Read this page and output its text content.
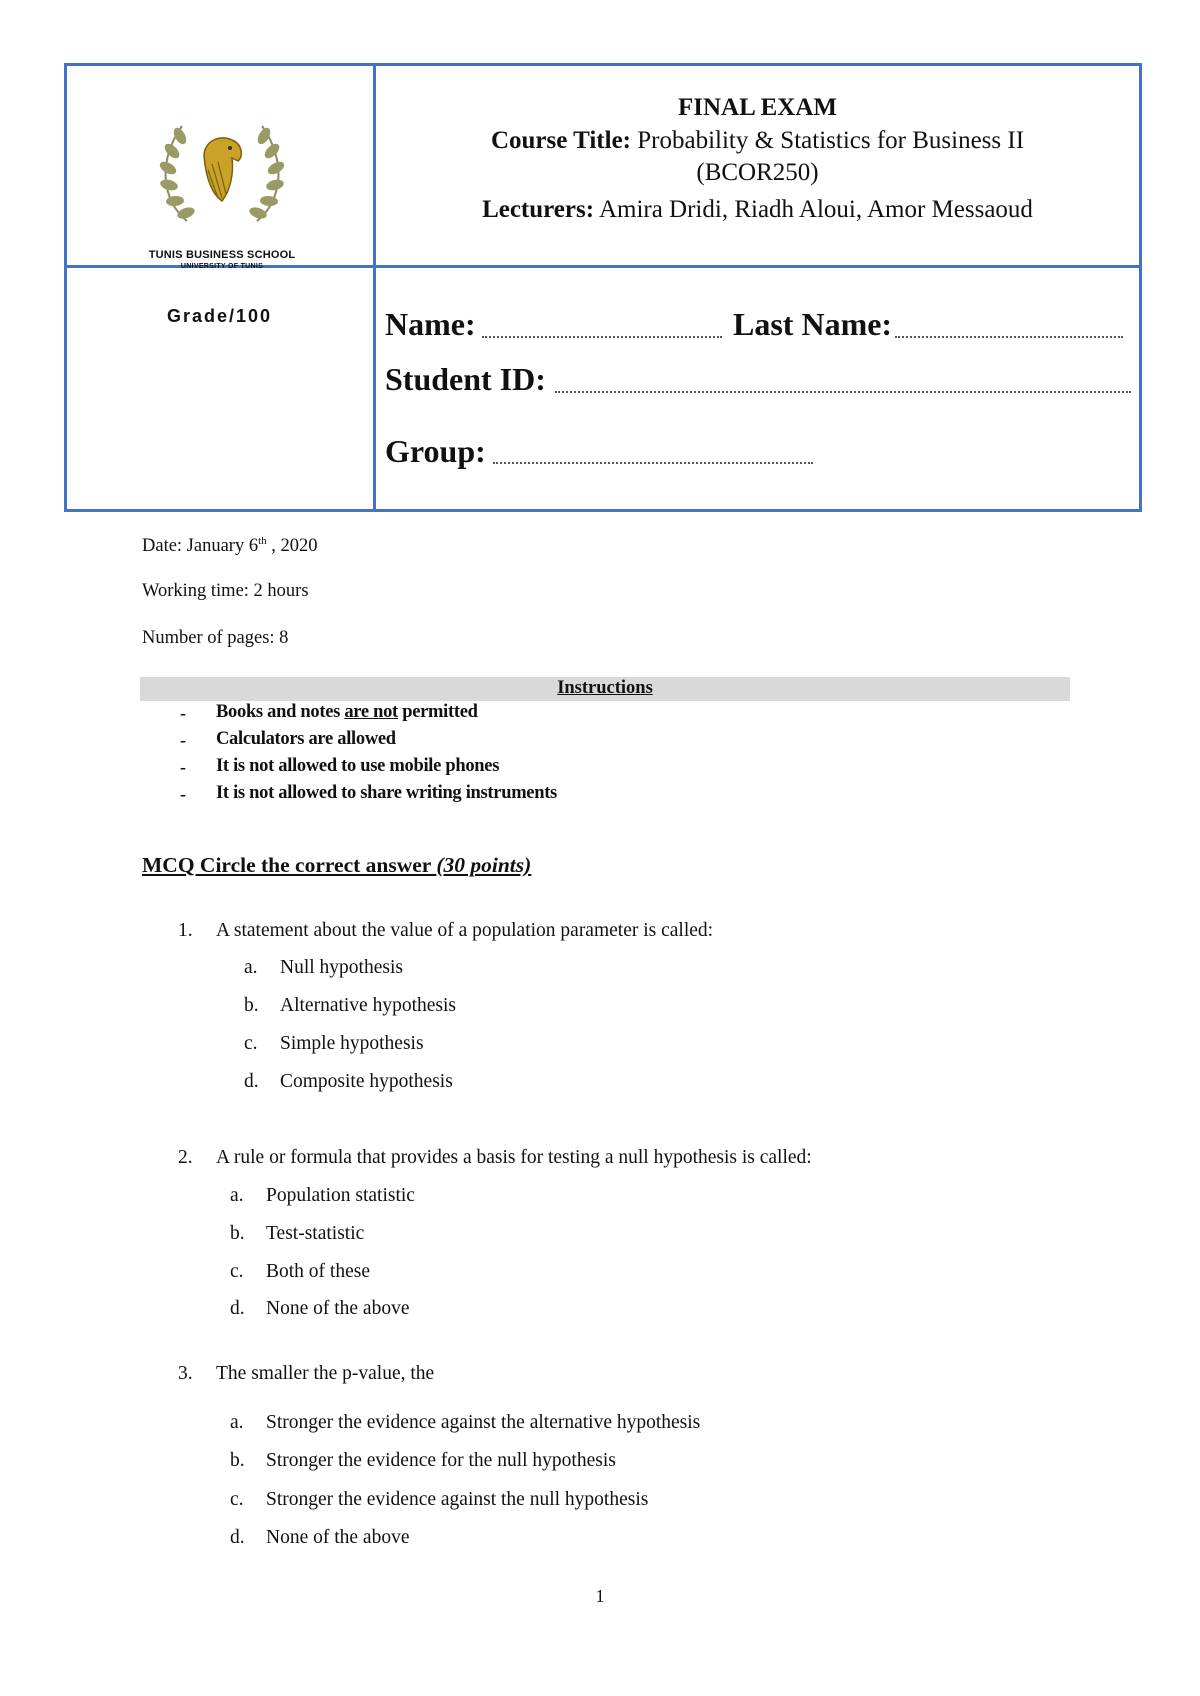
TUNIS BUSINESS SCHOOL
UNIVERSITY OF TUNIS
FINAL EXAM
Course Title: Probability & Statistics for Business II
(BCOR250)
Lecturers: Amira Dridi, Riadh Aloui, Amor Messaoud
Grade/100	Name:	Last Name:
Student ID:
Group:
Date: January 6th , 2020
Working time: 2 hours
Number of pages: 8
Instructions
- Books and notes are not permitted
- Calculators are allowed
- It is not allowed to use mobile phones
- It is not allowed to share writing instruments
MCQ Circle the correct answer (30 points)
1. A statement about the value of a population parameter is called:
a. Null hypothesis
b. Alternative hypothesis
c. Simple hypothesis
d. Composite hypothesis
2. A rule or formula that provides a basis for testing a null hypothesis is called:
a. Population statistic
b. Test-statistic
c. Both of these
d. None of the above
3. The smaller the p-value, the
a. Stronger the evidence against the alternative hypothesis
b. Stronger the evidence for the null hypothesis
c. Stronger the evidence against the null hypothesis
d. None of the above
1
